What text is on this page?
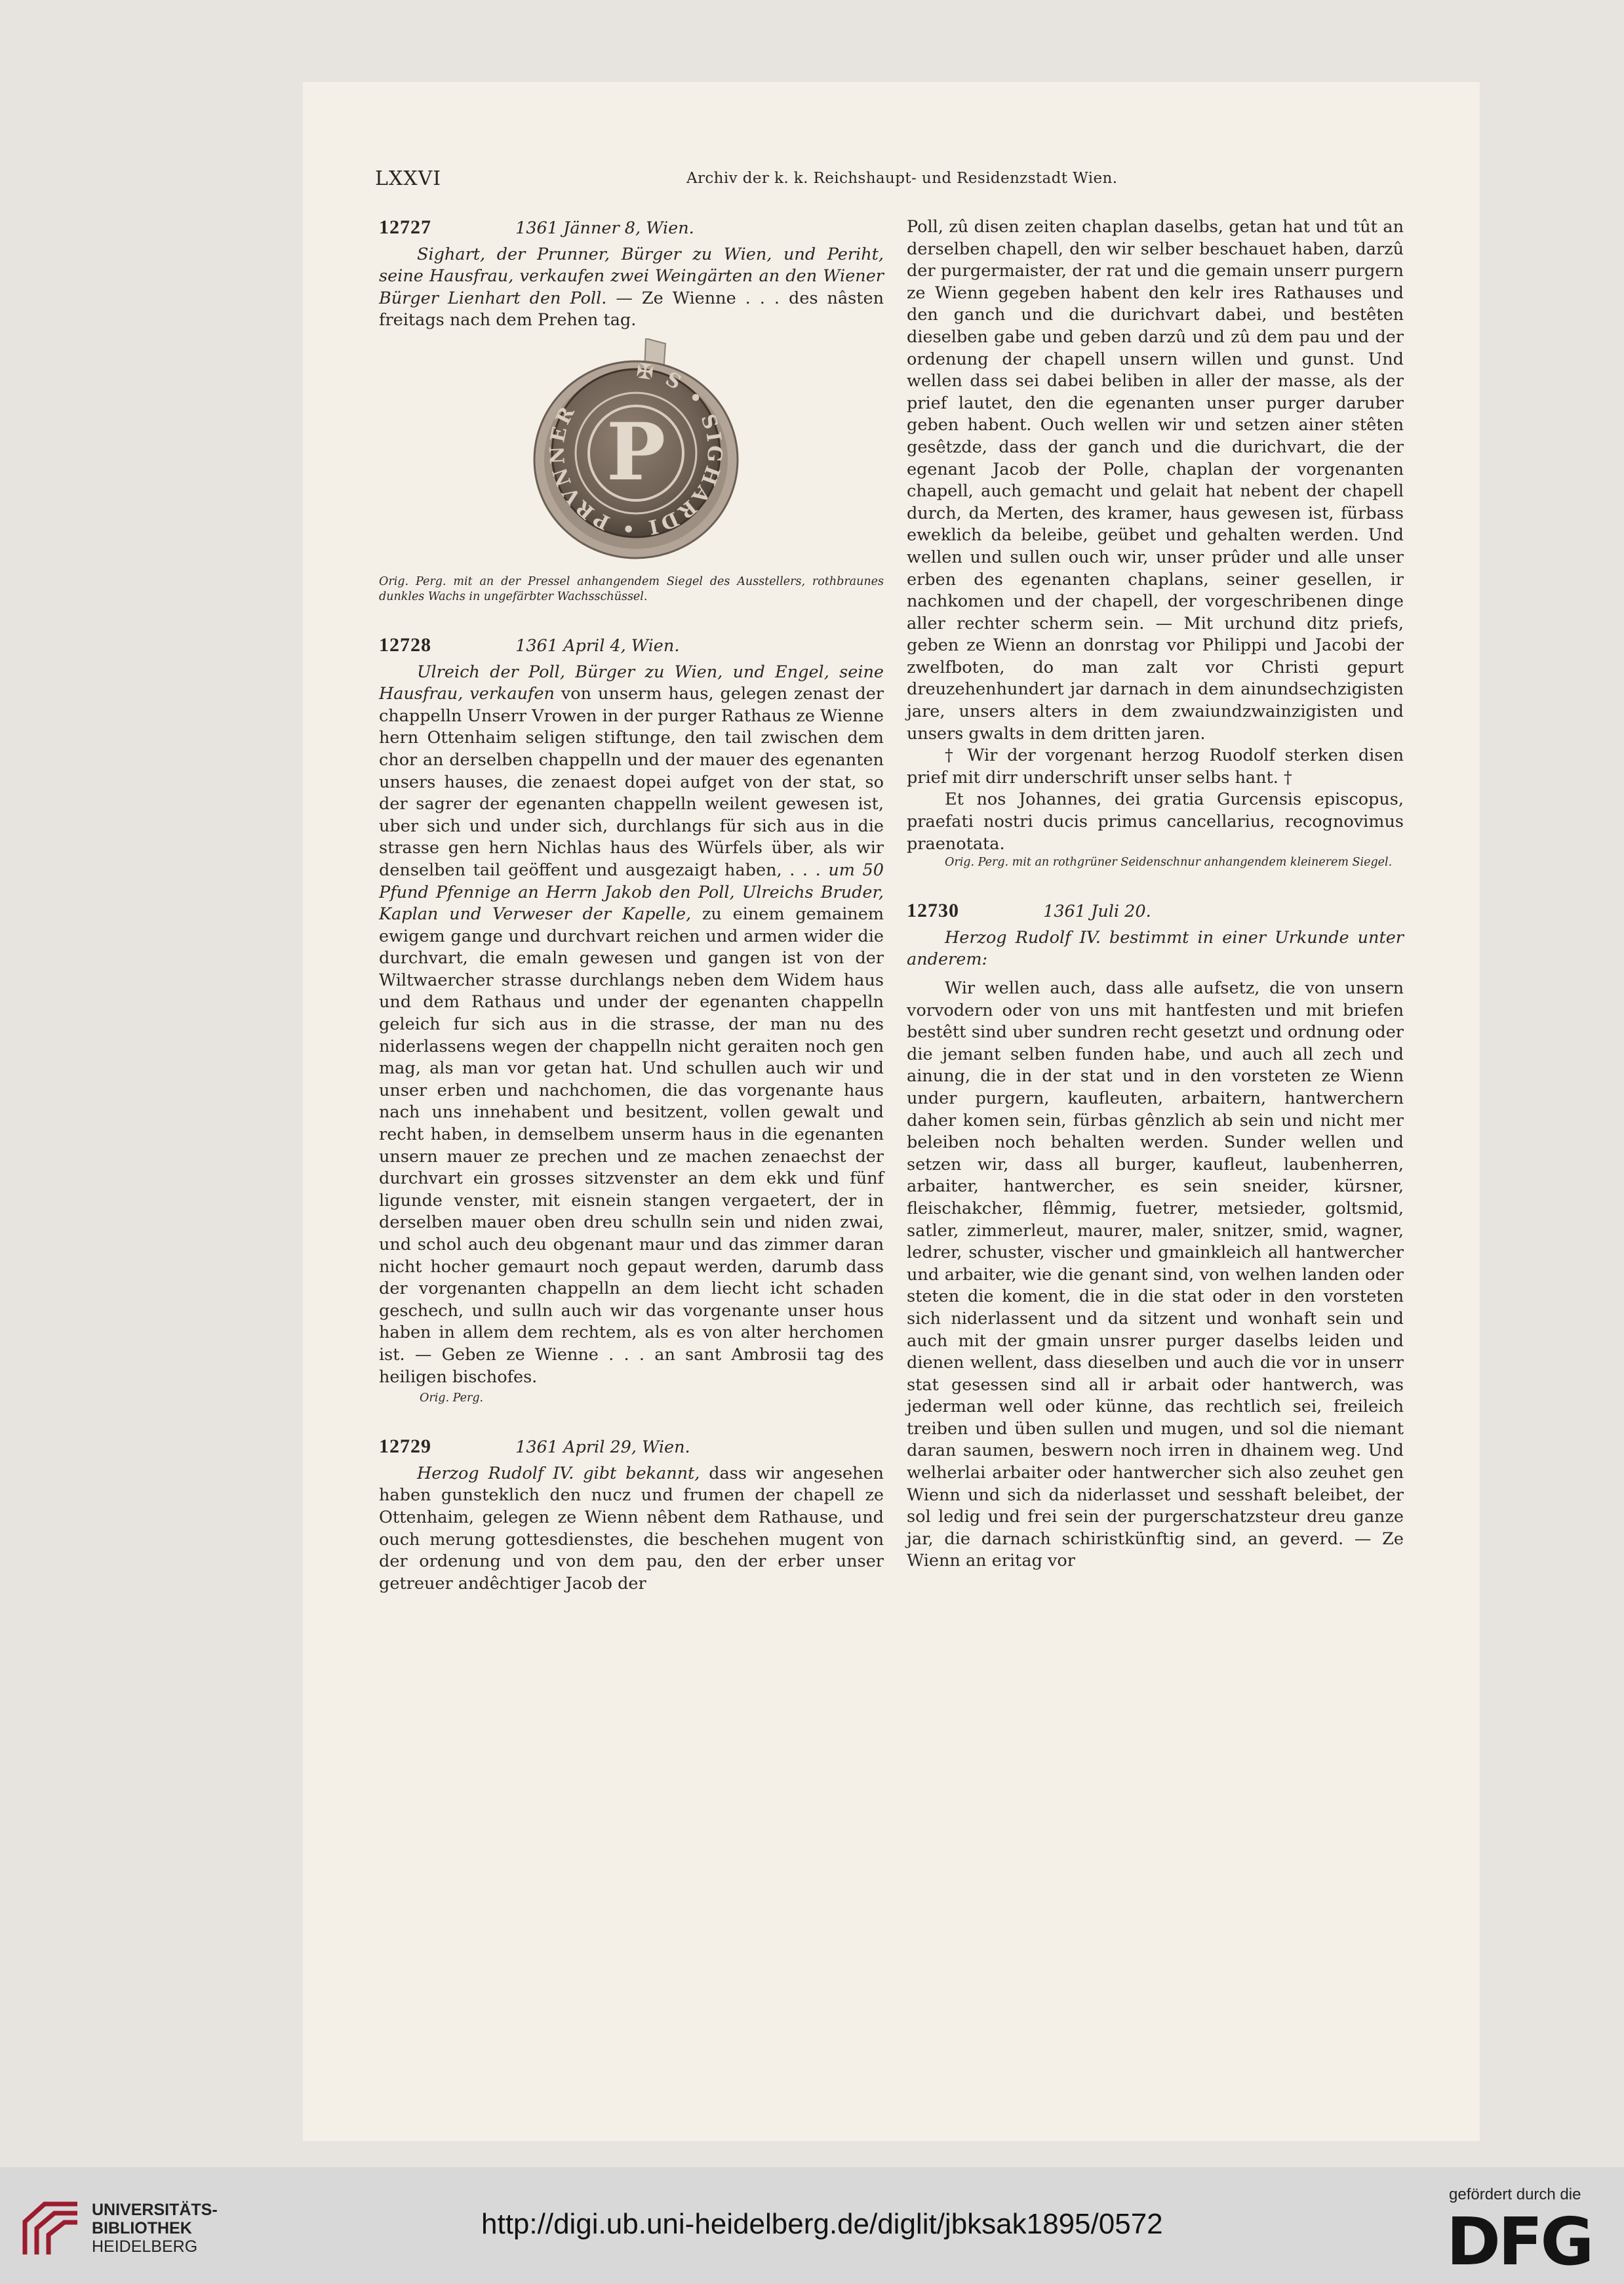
LXXVI	Archiv der k. k. Reichshaupt- und Residenzstadt Wien.
12727	1361 Jänner 8, Wien.

Sighart, der Prunner, Bürger zu Wien, und Periht, seine Hausfrau, verkaufen zwei Weingärten an den Wiener Bürger Lienhart den Poll. — Ze Wienne . . . des nâsten freitags nach dem Prehen tag.

✠ S • SIGHARDI • PRVNNER P

Orig. Perg. mit an der Pressel anhangendem Siegel des Ausstellers, rothbraunes dunkles Wachs in ungefärbter Wachsschüssel.

12728	1361 April 4, Wien.

Ulreich der Poll, Bürger zu Wien, und Engel, seine Hausfrau, verkaufen von unserm haus, gelegen zenast der chappelln Unserr Vrowen in der purger Rathaus ze Wienne hern Ottenhaim seligen stiftunge, den tail zwischen dem chor an derselben chappelln und der mauer des egenanten unsers hauses, die zenaest dopei aufget von der stat, so der sagrer der egenanten chappelln weilent gewesen ist, uber sich und under sich, durchlangs für sich aus in die strasse gen hern Nichlas haus des Würfels über, als wir denselben tail geöffent und ausgezaigt haben, . . . um 50 Pfund Pfennige an Herrn Jakob den Poll, Ulreichs Bruder, Kaplan und Verweser der Kapelle, zu einem gemainem ewigem gange und durchvart reichen und armen wider die durchvart, die emaln gewesen und gangen ist von der Wiltwaercher strasse durchlangs neben dem Widem haus und dem Rathaus und under der egenanten chappelln geleich fur sich aus in die strasse, der man nu des niderlassens wegen der chappelln nicht geraiten noch gen mag, als man vor getan hat. Und schullen auch wir und unser erben und nachchomen, die das vorgenante haus nach uns innehabent und besitzent, vollen gewalt und recht haben, in demselbem unserm haus in die egenanten unsern mauer ze prechen und ze machen zenaechst der durchvart ein grosses sitzvenster an dem ekk und fünf ligunde venster, mit eisnein stangen vergaetert, der in derselben mauer oben dreu schulln sein und niden zwai, und schol auch deu obgenant maur und das zimmer daran nicht hocher gemaurt noch gepaut werden, darumb dass der vorgenanten chappelln an dem liecht icht schaden geschech, und sulln auch wir das vorgenante unser hous haben in allem dem rechtem, als es von alter herchomen ist. — Geben ze Wienne . . . an sant Ambrosii tag des heiligen bischofes.

Orig. Perg.

12729	1361 April 29, Wien.

Herzog Rudolf IV. gibt bekannt, dass wir angesehen haben gunsteklich den nucz und frumen der chapell ze Ottenhaim, gelegen ze Wienn nêbent dem Rathause, und ouch merung gottesdienstes, die beschehen mugent von der ordenung und von dem pau, den der erber unser getreuer andêchtiger Jacob der

Poll, zû disen zeiten chaplan daselbs, getan hat und tût an derselben chapell, den wir selber beschauet haben, darzû der purgermaister, der rat und die gemain unserr purgern ze Wienn gegeben habent den kelr ires Rathauses und den ganch und die durichvart dabei, und bestêten dieselben gabe und geben darzû und zû dem pau und der ordenung der chapell unsern willen und gunst. Und wellen dass sei dabei beliben in aller der masse, als der prief lautet, den die egenanten unser purger daruber geben habent. Ouch wellen wir und setzen ainer stêten gesêtzde, dass der ganch und die durichvart, die der egenant Jacob der Polle, chaplan der vorgenanten chapell, auch gemacht und gelait hat nebent der chapell durch, da Merten, des kramer, haus gewesen ist, fürbass eweklich da beleibe, geübet und gehalten werden. Und wellen und sullen ouch wir, unser prûder und alle unser erben des egenanten chaplans, seiner gesellen, ir nachkomen und der chapell, der vorgeschribenen dinge aller rechter scherm sein. — Mit urchund ditz priefs, geben ze Wienn an donrstag vor Philippi und Jacobi der zwelfboten, do man zalt vor Christi gepurt dreuzehenhundert jar darnach in dem ainundsechzigisten jare, unsers alters in dem zwaiundzwainzigisten und unsers gwalts in dem dritten jaren.

† Wir der vorgenant herzog Ruodolf sterken disen prief mit dirr underschrift unser selbs hant. †

Et nos Johannes, dei gratia Gurcensis episcopus, praefati nostri ducis primus cancellarius, recognovimus praenotata.

Orig. Perg. mit an rothgrüner Seidenschnur anhangendem kleinerem Siegel.

12730	1361 Juli 20.

Herzog Rudolf IV. bestimmt in einer Urkunde unter anderem:

Wir wellen auch, dass alle aufsetz, die von unsern vorvodern oder von uns mit hantfesten und mit briefen bestêtt sind uber sundren recht gesetzt und ordnung oder die jemant selben funden habe, und auch all zech und ainung, die in der stat und in den vorsteten ze Wienn under purgern, kaufleuten, arbaitern, hantwerchern daher komen sein, fürbas gênzlich ab sein und nicht mer beleiben noch behalten werden. Sunder wellen und setzen wir, dass all burger, kaufleut, laubenherren, arbaiter, hantwercher, es sein sneider, kürsner, fleischakcher, flêmmig, fuetrer, metsieder, goltsmid, satler, zimmerleut, maurer, maler, snitzer, smid, wagner, ledrer, schuster, vischer und gmainkleich all hantwercher und arbaiter, wie die genant sind, von welhen landen oder steten die koment, die in die stat oder in den vorsteten sich niderlassent und da sitzent und wonhaft sein und auch mit der gmain unsrer purger daselbs leiden und dienen wellent, dass dieselben und auch die vor in unserr stat gesessen sind all ir arbait oder hantwerch, was jederman well oder künne, das rechtlich sei, freileich treiben und üben sullen und mugen, und sol die niemant daran saumen, beswern noch irren in dhainem weg. Und welherlai arbaiter oder hantwercher sich also zeuhet gen Wienn und sich da niderlasset und sesshaft beleibet, der sol ledig und frei sein der purgerschatzsteur dreu ganze jar, die darnach schiristkünftig sind, an geverd. — Ze Wienn an eritag vor

UNIVERSITÄTS-
BIBLIOTHEK
HEIDELBERG
http://digi.ub.uni-heidelberg.de/diglit/jbksak1895/0572
gefördert durch die
DFG
